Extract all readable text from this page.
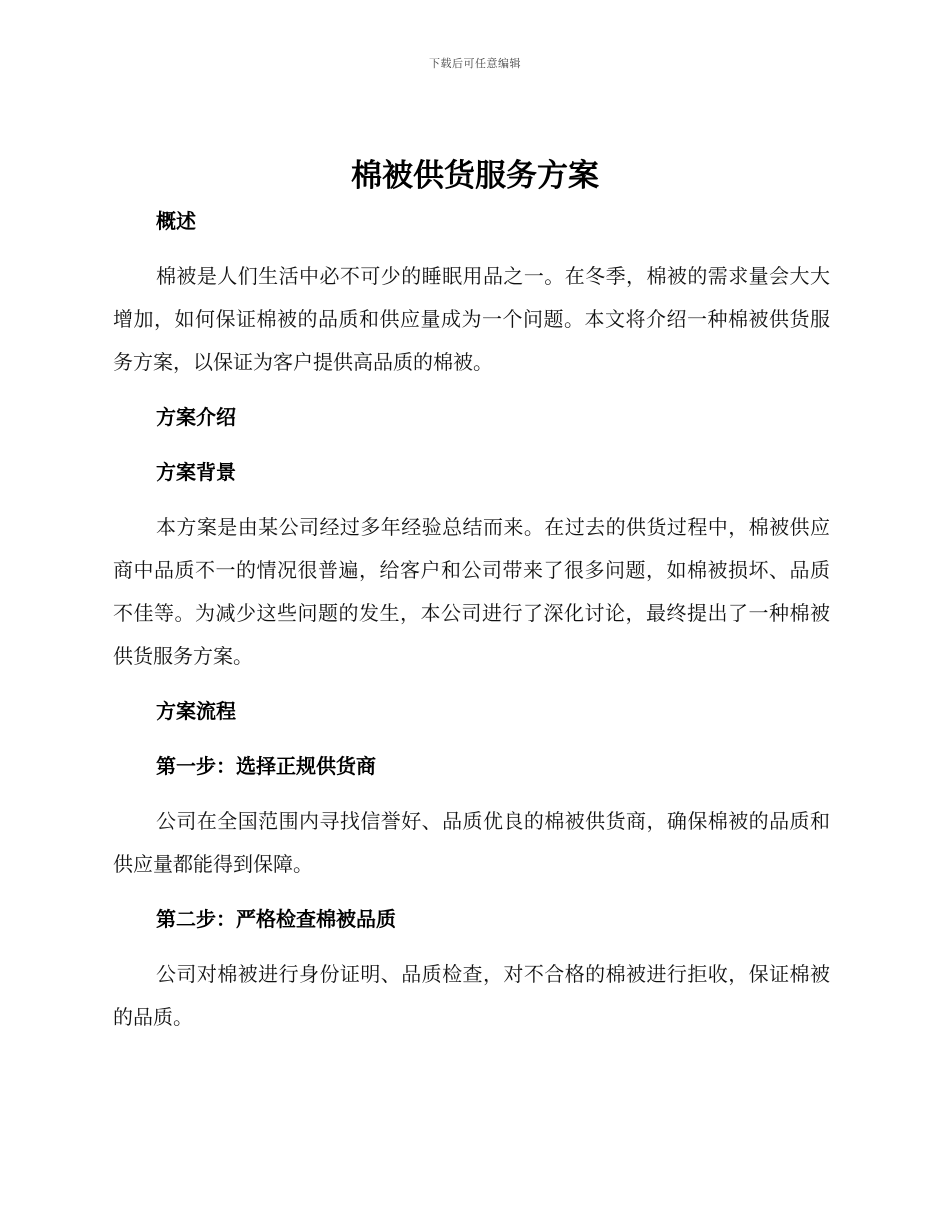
下载后可任意编辑
棉被供货服务方案

概述

棉被是人们生活中必不可少的睡眠用品之一。在冬季，棉被的需求量会大大增加，如何保证棉被的品质和供应量成为一个问题。本文将介绍一种棉被供货服务方案，以保证为客户提供高品质的棉被。

方案介绍

方案背景

本方案是由某公司经过多年经验总结而来。在过去的供货过程中，棉被供应商中品质不一的情况很普遍，给客户和公司带来了很多问题，如棉被损坏、品质不佳等。为减少这些问题的发生，本公司进行了深化讨论，最终提出了一种棉被供货服务方案。

方案流程

第一步：选择正规供货商

公司在全国范围内寻找信誉好、品质优良的棉被供货商，确保棉被的品质和供应量都能得到保障。

第二步：严格检查棉被品质

公司对棉被进行身份证明、品质检查，对不合格的棉被进行拒收，保证棉被的品质。
